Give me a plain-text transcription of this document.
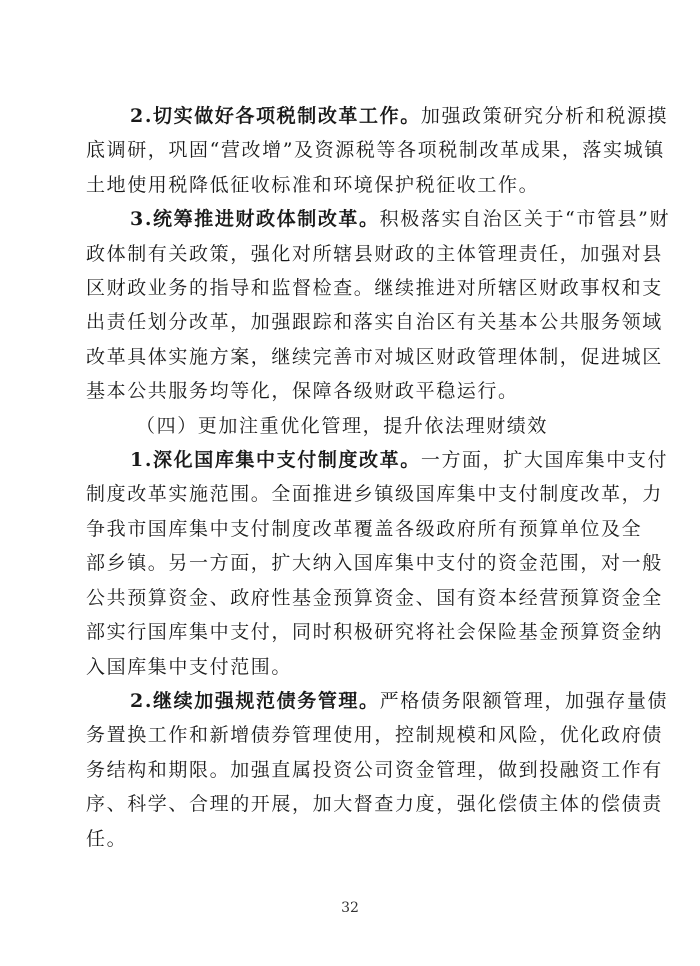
2.切实做好各项税制改革工作。加强政策研究分析和税源摸
底调研，巩固“营改增”及资源税等各项税制改革成果，落实城镇
土地使用税降低征收标准和环境保护税征收工作。
3.统筹推进财政体制改革。积极落实自治区关于“市管县”财
政体制有关政策，强化对所辖县财政的主体管理责任，加强对县
区财政业务的指导和监督检查。继续推进对所辖区财政事权和支
出责任划分改革，加强跟踪和落实自治区有关基本公共服务领域
改革具体实施方案，继续完善市对城区财政管理体制，促进城区
基本公共服务均等化，保障各级财政平稳运行。
（四）更加注重优化管理，提升依法理财绩效
1.深化国库集中支付制度改革。一方面，扩大国库集中支付
制度改革实施范围。全面推进乡镇级国库集中支付制度改革，力
争我市国库集中支付制度改革覆盖各级政府所有预算单位及全
部乡镇。另一方面，扩大纳入国库集中支付的资金范围，对一般
公共预算资金、政府性基金预算资金、国有资本经营预算资金全
部实行国库集中支付，同时积极研究将社会保险基金预算资金纳
入国库集中支付范围。
2.继续加强规范债务管理。严格债务限额管理，加强存量债
务置换工作和新增债券管理使用，控制规模和风险，优化政府债
务结构和期限。加强直属投资公司资金管理，做到投融资工作有
序、科学、合理的开展，加大督查力度，强化偿债主体的偿债责
任。
32
